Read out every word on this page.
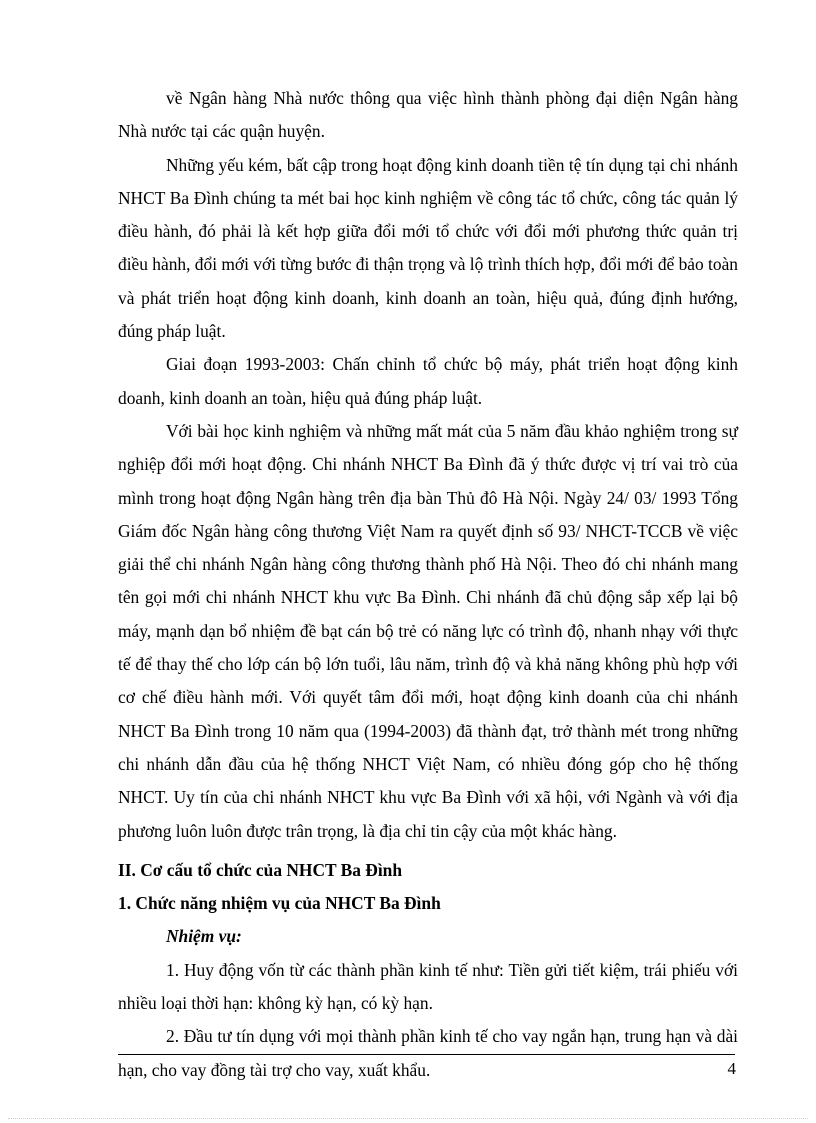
về Ngân hàng Nhà nước thông qua việc hình thành phòng đại diện Ngân hàng Nhà nước tại các quận huyện.

Những yếu kém, bất cập trong hoạt động kinh doanh tiền tệ tín dụng tại chi nhánh NHCT Ba Đình chúng ta mét bai học kinh nghiệm về công tác tổ chức, công tác quản lý điều hành, đó phải là kết hợp giữa đổi mới tổ chức với đổi mới phương thức quản trị điều hành, đổi mới với từng bước đi thận trọng và lộ trình thích hợp, đổi mới để bảo toàn và phát triển hoạt động kinh doanh, kinh doanh an toàn, hiệu quả, đúng định hướng, đúng pháp luật.

Giai đoạn 1993-2003: Chấn chỉnh tổ chức bộ máy, phát triển hoạt động kinh doanh, kinh doanh an toàn, hiệu quả đúng pháp luật.

Với bài học kinh nghiệm và những mất mát của 5 năm đầu khảo nghiệm trong sự nghiệp đổi mới hoạt động. Chi nhánh NHCT Ba Đình đã ý thức được vị trí vai trò của mình trong hoạt động Ngân hàng trên địa bàn Thủ đô Hà Nội. Ngày 24/ 03/ 1993 Tổng Giám đốc Ngân hàng công thương Việt Nam ra quyết định số 93/ NHCT-TCCB về việc giải thể chi nhánh Ngân hàng công thương thành phố Hà Nội. Theo đó chi nhánh mang tên gọi mới chi nhánh NHCT khu vực Ba Đình. Chi nhánh đã chủ động sắp xếp lại bộ máy, mạnh dạn bổ nhiệm đề bạt cán bộ trẻ có năng lực có trình độ, nhanh nhạy với thực tế để thay thế cho lớp cán bộ lớn tuổi, lâu năm, trình độ và khả năng không phù hợp với cơ chế điều hành mới. Với quyết tâm đổi mới, hoạt động kinh doanh của chi nhánh NHCT Ba Đình trong 10 năm qua (1994-2003) đã thành đạt, trở thành mét trong những chi nhánh dẫn đầu của hệ thống NHCT Việt Nam, có nhiều đóng góp cho hệ thống NHCT. Uy tín của chi nhánh NHCT khu vực Ba Đình với xã hội, với Ngành và với địa phương luôn luôn được trân trọng, là địa chỉ tin cậy của một khác hàng.

II. Cơ cấu tổ chức của NHCT Ba Đình

1. Chức năng nhiệm vụ của NHCT Ba Đình

Nhiệm vụ:

1. Huy động vốn từ các thành phần kinh tế như: Tiền gửi tiết kiệm, trái phiếu với nhiều loại thời hạn: không kỳ hạn, có kỳ hạn.

2. Đầu tư tín dụng với mọi thành phần kinh tế cho vay ngắn hạn, trung hạn và dài hạn, cho vay đồng tài trợ cho vay, xuất khẩu.	4
